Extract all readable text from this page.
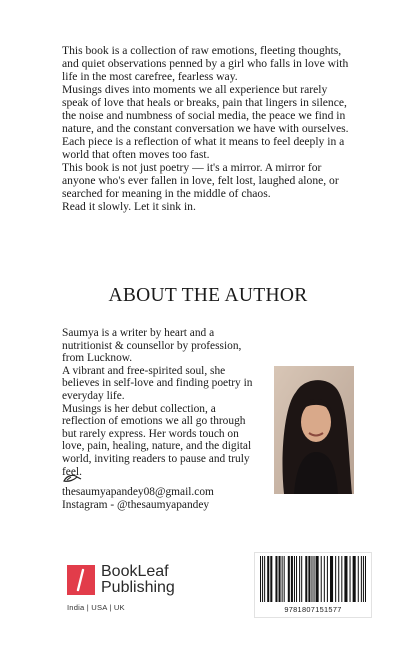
This book is a collection of raw emotions, fleeting thoughts, and quiet observations penned by a girl who falls in love with life in the most carefree, fearless way.

Musings dives into moments we all experience but rarely speak of love that heals or breaks, pain that lingers in silence, the noise and numbness of social media, the peace we find in nature, and the constant conversation we have with ourselves.

Each piece is a reflection of what it means to feel deeply in a world that often moves too fast.

This book is not just poetry — it's a mirror. A mirror for anyone who's ever fallen in love, felt lost, laughed alone, or searched for meaning in the middle of chaos.

Read it slowly. Let it sink in.

ABOUT THE AUTHOR

Saumya is a writer by heart and a nutritionist & counsellor by profession, from Lucknow.

A vibrant and free-spirited soul, she believes in self-love and finding poetry in everyday life.

Musings is her debut collection, a reflection of emotions we all go through but rarely express. Her words touch on love, pain, healing, nature, and the digital world, inviting readers to pause and truly feel.

thesaumyapandey08@gmail.com
Instagram - @thesaumyapandey
BookLeaf
Publishing
India | USA | UK	9781807151577
